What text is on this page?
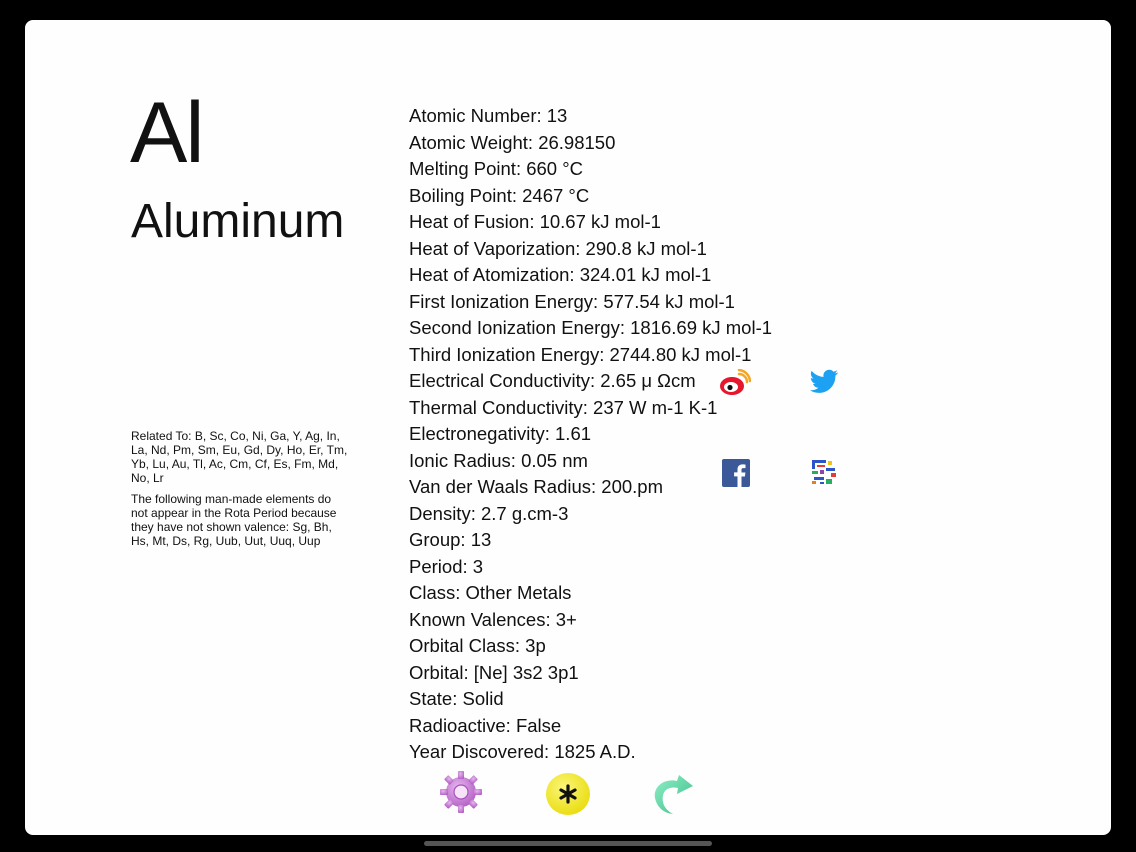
Al
Aluminum
Related To: B, Sc, Co, Ni, Ga, Y, Ag, In, La, Nd, Pm, Sm, Eu, Gd, Dy, Ho, Er, Tm, Yb, Lu, Au, Tl, Ac, Cm, Cf, Es, Fm, Md, No, Lr
The following man-made elements do not appear in the Rota Period because they have not shown valence: Sg, Bh, Hs, Mt, Ds, Rg, Uub, Uut, Uuq, Uup
Atomic Number: 13
Atomic Weight: 26.98150
Melting Point: 660 °C
Boiling Point: 2467 °C
Heat of Fusion: 10.67 kJ mol-1
Heat of Vaporization: 290.8 kJ mol-1
Heat of Atomization: 324.01 kJ mol-1
First Ionization Energy: 577.54 kJ mol-1
Second Ionization Energy: 1816.69 kJ mol-1
Third Ionization Energy: 2744.80 kJ mol-1
Electrical Conductivity: 2.65 μ Ωcm
Thermal Conductivity: 237 W m-1 K-1
Electronegativity: 1.61
Ionic Radius: 0.05 nm
Van der Waals Radius: 200.pm
Density: 2.7 g.cm-3
Group: 13
Period: 3
Class: Other Metals
Known Valences: 3+
Orbital Class: 3p
Orbital: [Ne] 3s2 3p1
State: Solid
Radioactive: False
Year Discovered: 1825 A.D.
